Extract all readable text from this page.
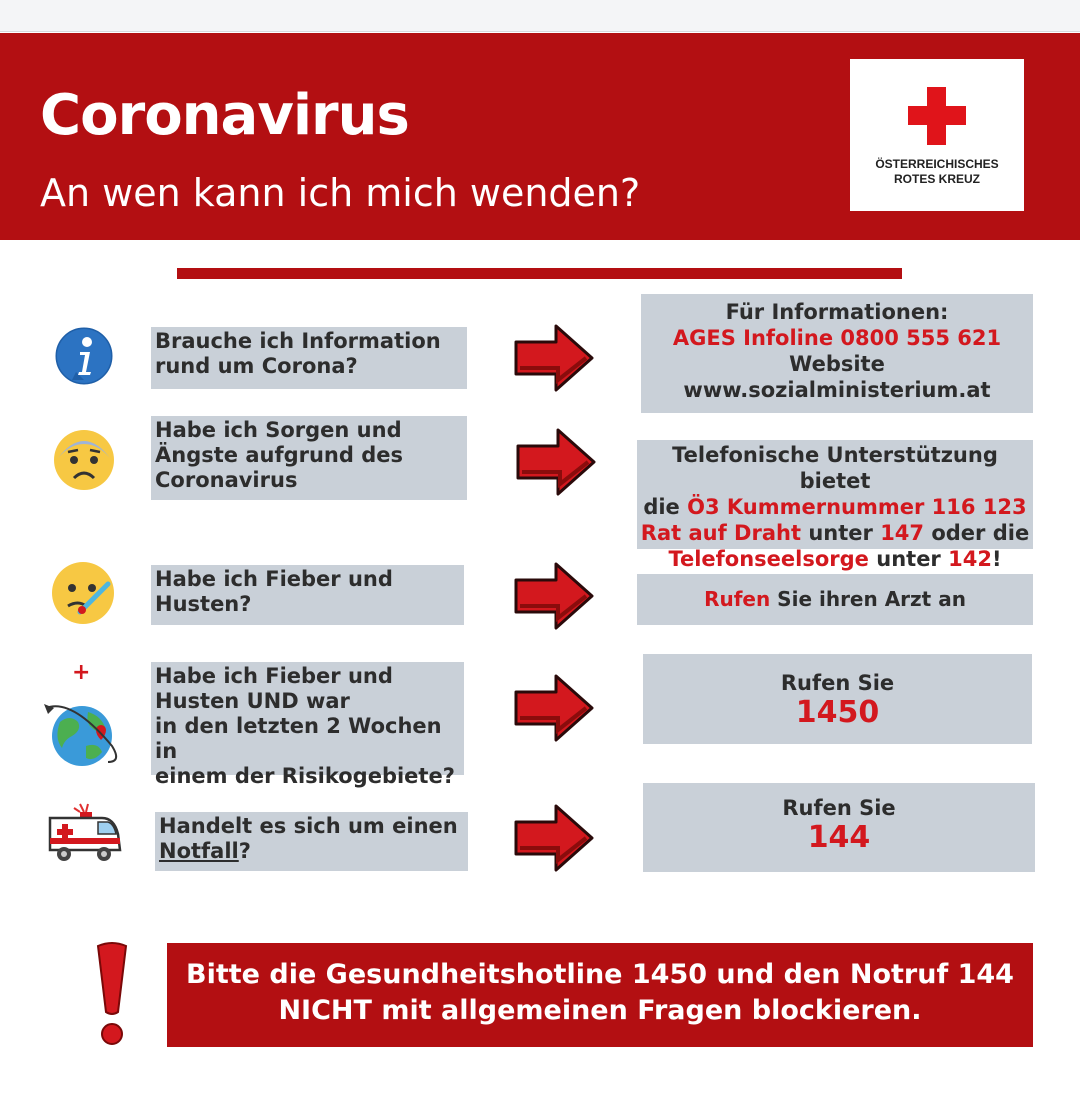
Coronavirus
An wen kann ich mich wenden?
ÖSTERREICHISCHES
ROTES KREUZ
Brauche ich Information
rund um Corona?
Für Informationen:
AGES Infoline 0800 555 621
Website
www.sozialministerium.at
Habe ich Sorgen und
Ängste aufgrund des
Coronavirus
Telefonische Unterstützung bietet
die Ö3 Kummernummer 116 123
Rat auf Draht unter 147 oder die
Telefonseelsorge unter 142!
Habe ich Fieber und
Husten?	Rufen Sie ihren Arzt an
+	Habe ich Fieber und
Husten UND war
in den letzten 2 Wochen in
einem der Risikogebiete?
Rufen Sie
1450
Handelt es sich um einen
Notfall?
Rufen Sie
144
Bitte die Gesundheitshotline 1450 und den Notruf 144
NICHT mit allgemeinen Fragen blockieren.
